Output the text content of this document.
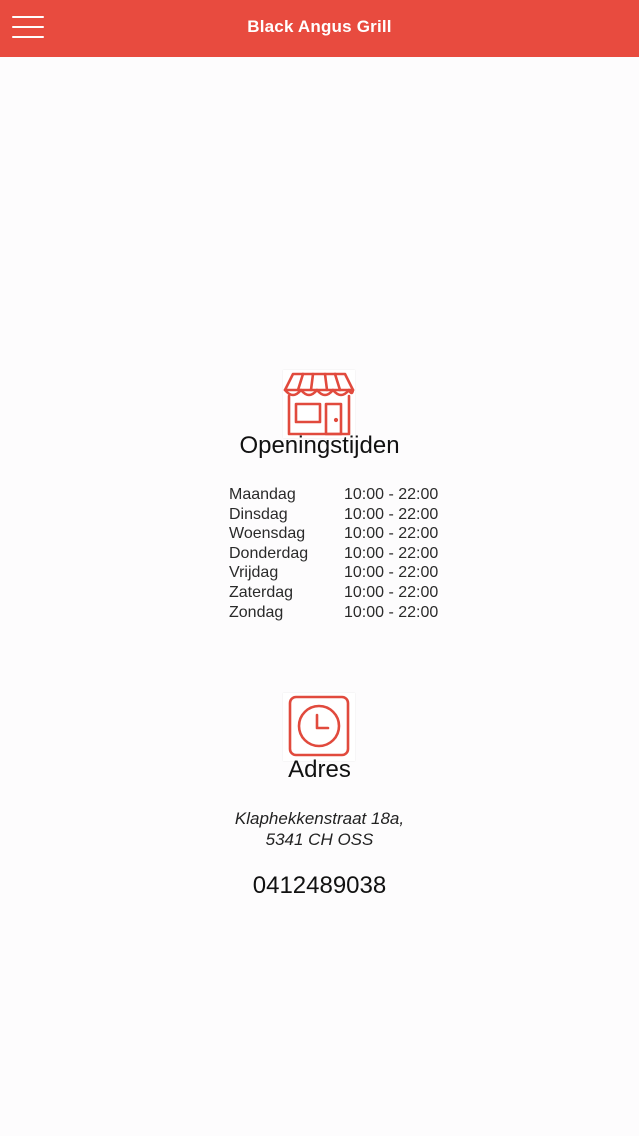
Black Angus Grill
Openingstijden
Maandag	10:00 - 22:00
Dinsdag	10:00 - 22:00
Woensdag	10:00 - 22:00
Donderdag	10:00 - 22:00
Vrijdag	10:00 - 22:00
Zaterdag	10:00 - 22:00
Zondag	10:00 - 22:00
Adres
Klaphekkenstraat 18a,
5341 CH OSS
0412489038
